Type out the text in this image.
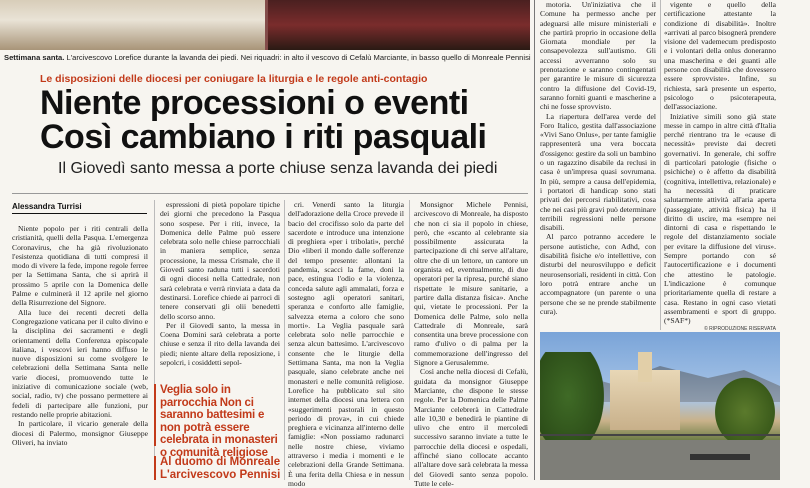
Settimana santa. L'arcivescovo Lorefice durante la lavanda dei piedi. Nei riquadri: in alto il vescovo di Cefalù Marciante, in basso quello di Monreale Pennisi
Le disposizioni delle diocesi per coniugare la liturgia e le regole anti-contagio
Niente processioni o eventi
Così cambiano i riti pasquali
Il Giovedì santo messa a porte chiuse senza lavanda dei piedi
Alessandra Turrisi

Niente popolo per i riti centrali della cristianità, quelli della Pasqua. L'emergenza Coronavirus, che ha già rivoluzionato l'esistenza quotidiana di tutti compresi il modo di vivere la fede, impone regole ferree per la Settimana Santa, che si aprirà il prossimo 5 aprile con la Domenica delle Palme e culminerà il 12 aprile nel giorno della Risurrezione del Signore.

Alla luce dei recenti decreti della Congregazione vaticana per il culto divino e la disciplina dei sacramenti e degli orientamenti della Conferenza episcopale italiana, i vescovi ieri hanno diffuso le nuove disposizioni su come svolgere le celebrazioni della Settimana Santa nelle varie diocesi, promuovendo tutte le iniziative di comunicazione sociale (web, social, radio, tv) che possano permettere ai fedeli di partecipare alle funzioni, pur restando nelle proprie abitazioni.

In particolare, il vicario generale della diocesi di Palermo, monsignor Giuseppe Oliveri, ha inviato

espressioni di pietà popolare tipiche dei giorni che precedono la Pasqua sono sospese. Per i riti, invece, la Domenica delle Palme può essere celebrata solo nelle chiese parrocchiali in maniera semplice, senza processione, la messa Crismale, che il Giovedì santo raduna tutti i sacerdoti di ogni diocesi nella Cattedrale, non sarà celebrata e verrà rinviata a data da destinarsi. Lorefice chiede ai parroci di tenere conservati gli olii benedetti dello scorso anno.

Per il Giovedì santo, la messa in Coena Domini sarà celebrata a porte chiuse e senza il rito della lavanda dei piedi; niente altare della reposizione, i sepolcri, i cosiddetti sepol-

Veglia solo in parrocchia Non ci saranno battesimi e non potrà essere celebrata in monasteri o comunità religiose
Al duomo di Monreale L'arcivescovo Pennisi

cri. Venerdì santo la liturgia dell'adorazione della Croce prevede il bacio del crocifisso solo da parte del sacerdote e introduce una intenzione di preghiera «per i tribolati», perché Dio «liberi il mondo dalle sofferenze del tempo presente: allontani la pandemia, scacci la fame, doni la pace, estingua l'odio e la violenza, conceda salute agli ammalati, forza e sostegno agli operatori sanitari, speranza e conforto alle famiglie, salvezza eterna a coloro che sono morti». La Veglia pasquale sarà celebrata solo nelle parrocchie e senza alcun battesimo. L'arcivescovo consente che le liturgie della Settimana Santa, ma non la Veglia pasquale, siano celebrate anche nei monasteri e nelle comunità religiose. Lorefice ha pubblicato sul sito internet della diocesi una lettera con «suggerimenti pastorali in questo periodo di prova», in cui chiede preghiera e vicinanza all'interno delle famiglie: «Non possiamo radunarci nelle nostre chiese, viviamo attraverso i media i momenti e le celebrazioni della Grande Settimana. È una ferita della Chiesa e in nessun modo

Monsignor Michele Pennisi, arcivescovo di Monreale, ha disposto che non ci sia il popolo in chiese, però, che «scanto al celebrante sia possibilmente assicurata la partecipazione di chi serve all'altare, oltre che di un lettore, un cantore un organista ed, eventualmente, di due operatori per la ripresa, purché siano rispettate le misure sanitarie, a partire dalla distanza fisica». Anche qui, vietate le processioni. Per la Domenica delle Palme, solo nella Cattedrale di Monreale, sarà consentita una breve processione con ramo d'ulivo o di palma per la commemorazione dell'ingresso del Signore a Gerusalemme.

Così anche nella diocesi di Cefalù, guidata da monsignor Giuseppe Marciante, che dispone le stesse regole. Per la Domenica delle Palme Marciante celebrerà in Cattedrale alle 10,30 e benedirà le piantine di ulivo che entro il mercoledì successivo saranno inviate a tutte le parrocchie della diocesi e ospedali, affinché siano collocate accanto all'altare dove sarà celebrata la messa del Giovedì santo senza popolo. Tutte le cele-

motoria. Un'iniziativa che il Comune ha permesso anche per adeguarsi alle misure ministeriali e che partirà proprio in occasione della Giornata mondiale per la consapevolezza sull'autismo. Gli accessi avverranno solo su prenotazione e saranno contingentati per garantire le misure di sicurezza contro la diffusione del Covid-19, saranno forniti guanti e mascherine a chi ne fosse sprovvisto.

La riapertura dell'area verde del Foro Italico, gestita dall'associazione «Vivi Sano Onlus», per tante famiglie rappresenterà una vera boccata d'ossigeno: gestire da soli un bambino o un ragazzino disabile da reclusi in casa è un'impresa quasi sovrumana. In più, sempre a causa dell'epidemia, i portatori di handicap sono stati privati dei percorsi riabilitativi, cosa che nei casi più gravi può determinare terribili regressioni nelle persone disabili.

Al parco potranno accedere le persone autistiche, con Adhd, con disabilità fisiche e/o intellettive, con disturbi del neurosviluppo e deficit neurosensoriali, residenti in città. Con loro potrà entrare anche un accompagnatore (un parente o una persone che se ne prende stabilmente cura).

vigente e quello della certificazione attestante la condizione di disabilità». Inoltre «arrivati al parco bisognerà prendere visione del vademecum predisposto e i volontari della onlus doneranno una mascherina e dei guanti alle persone con disabilità che dovessero essere sprovviste». Infine, su richiesta, sarà presente un esperto, psicologo o psicoterapeuta, dell'associazione.

Iniziative simili sono già state messe in campo in altre città d'Italia perché rientrano tra le «cause di necessità» previste dai decreti governativi. In generale, chi soffre di particolari patologie (fisiche o psichiche) o è affetto da disabilità (cognitiva, intellettiva, relazionale) e ha necessità di praticare salutarmente attività all'aria aperta (passeggiate, attività fisica) ha il diritto di uscire, ma «sempre nei dintorni di casa e rispettando le regole del distanziamento sociale per evitare la diffusione del virus». Sempre portando con sé l'autocertificazione e i documenti che attestino le patologie. L'indicazione è comunque prioritariamente quella di restare a casa. Restano in ogni caso vietati assembramenti e sport di gruppo. (*SAF*)

© RIPRODUZIONE RISERVATA
